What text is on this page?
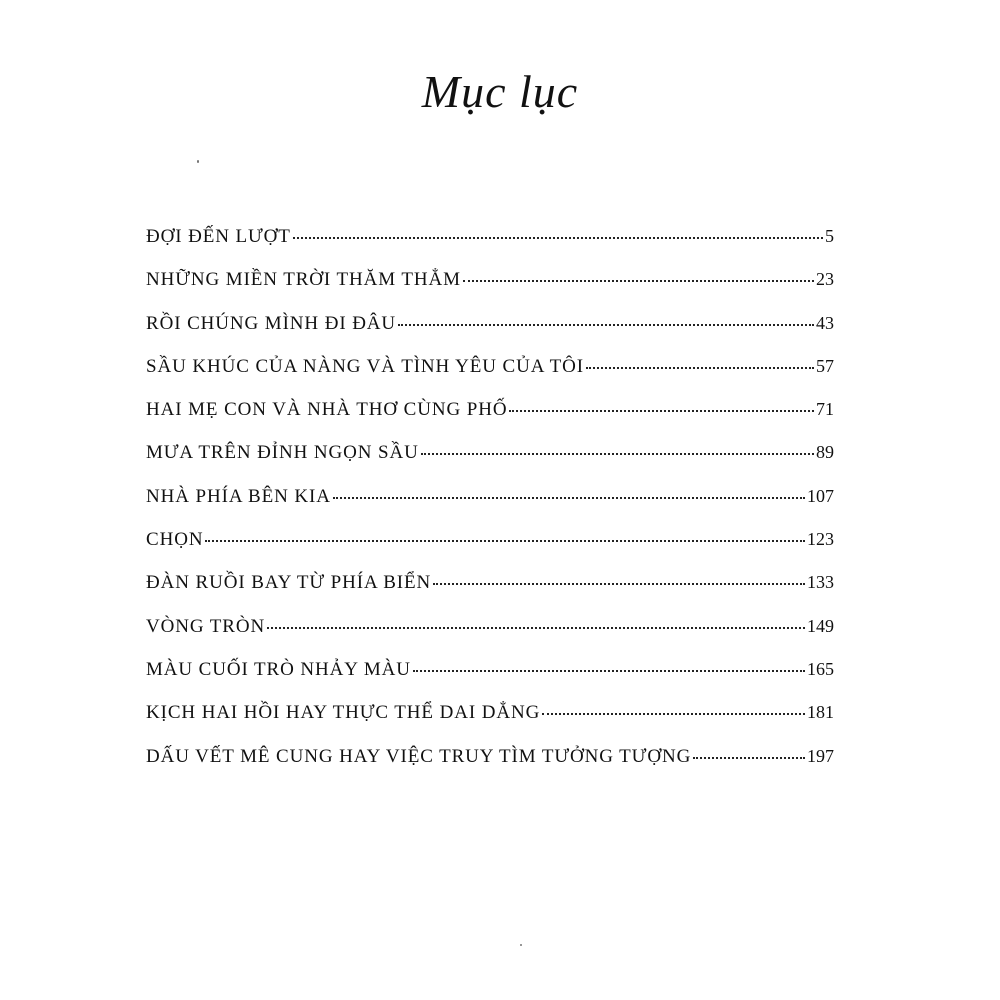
Mục lục
ĐỢI ĐẾN LƯỢT	5
NHỮNG MIỀN TRỜI THĂM THẲM	23
RỒI CHÚNG MÌNH ĐI ĐÂU	43
SẦU KHÚC CỦA NÀNG VÀ TÌNH YÊU CỦA TÔI	57
HAI MẸ CON VÀ NHÀ THƠ CÙNG PHỐ	71
MƯA TRÊN ĐỈNH NGỌN SẦU	89
NHÀ PHÍA BÊN KIA	107
CHỌN	123
ĐÀN RUỒI BAY TỪ PHÍA BIỂN	133
VÒNG TRÒN	149
MÀU CUỐI TRÒ NHẢY MÀU	165
KỊCH HAI HỒI HAY THỰC THỂ DAI DẲNG	181
DẤU VẾT MÊ CUNG HAY VIỆC TRUY TÌM TƯỞNG TƯỢNG	197
